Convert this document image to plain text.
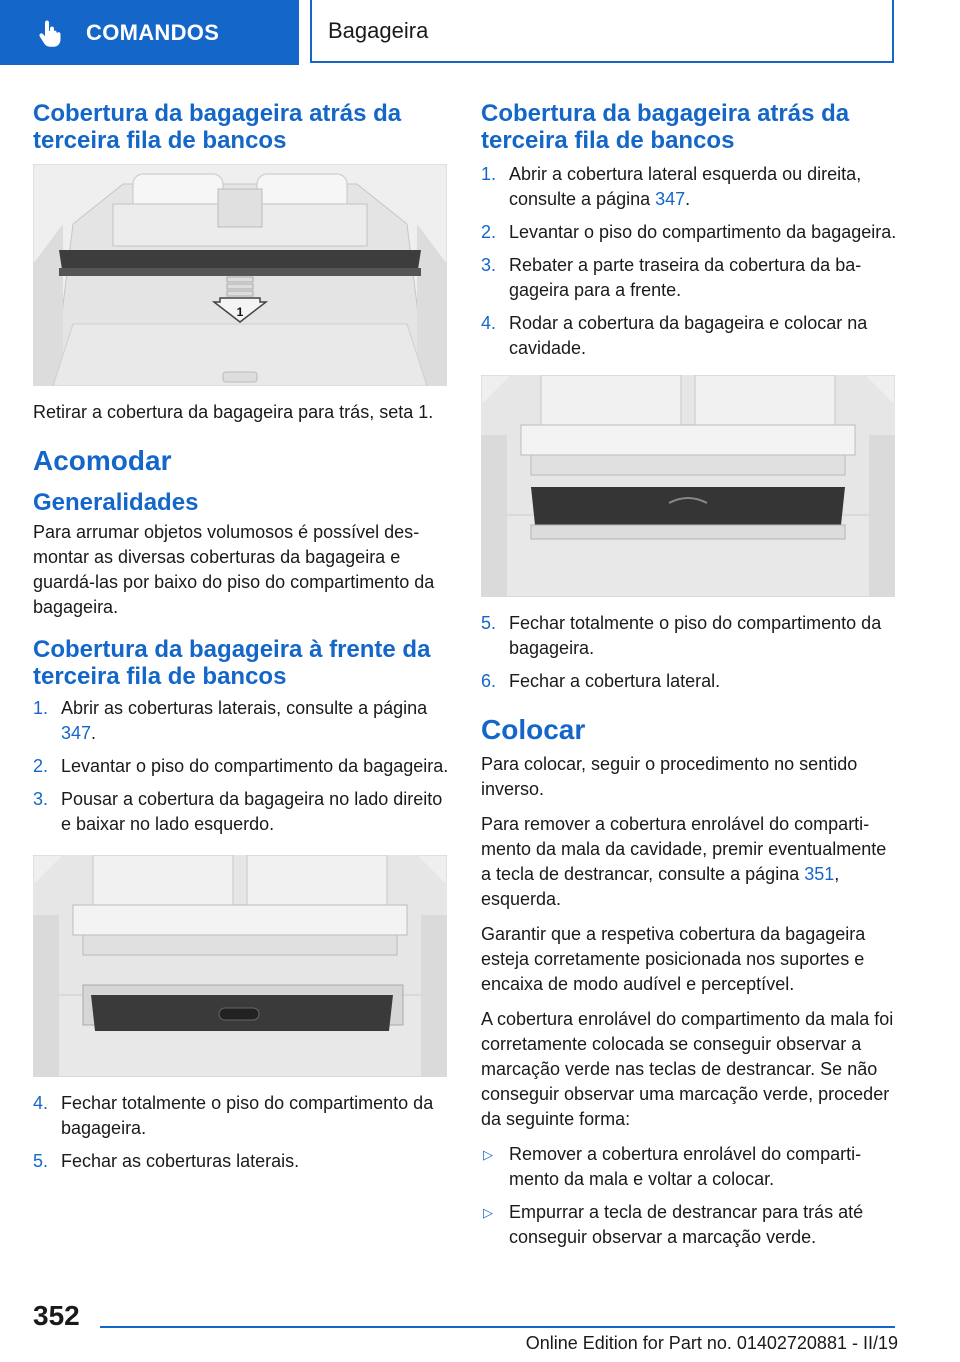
COMANDOS	Bagageira
Cobertura da bagageira atrás da terceira fila de bancos
1

Retirar a cobertura da bagageira para trás, seta 1.

Acomodar
Generalidades

Para arrumar objetos volumosos é possível desmontar as diversas coberturas da bagageira e guardá-las por baixo do piso do compartimento da bagageira.

Cobertura da bagageira à frente da terceira fila de bancos
1. Abrir as coberturas laterais, consulte a página 347.
2. Levantar o piso do compartimento da bagageira.
3. Pousar a cobertura da bagageira no lado direito e baixar no lado esquerdo.
4. Fechar totalmente o piso do compartimento da bagageira.
5. Fechar as coberturas laterais.
Cobertura da bagageira atrás da terceira fila de bancos
1. Abrir a cobertura lateral esquerda ou direita, consulte a página 347.
2. Levantar o piso do compartimento da bagageira.
3. Rebater a parte traseira da cobertura da bagageira para a frente.
4. Rodar a cobertura da bagageira e colocar na cavidade.
5. Fechar totalmente o piso do compartimento da bagageira.
6. Fechar a cobertura lateral.
Colocar

Para colocar, seguir o procedimento no sentido inverso.

Para remover a cobertura enrolável do compartimento da mala da cavidade, premir eventualmente a tecla de destrancar, consulte a página 351, esquerda.

Garantir que a respetiva cobertura da bagageira esteja corretamente posicionada nos suportes e encaixa de modo audível e perceptível.

A cobertura enrolável do compartimento da mala foi corretamente colocada se conseguir observar a marcação verde nas teclas de destrancar. Se não conseguir observar uma marcação verde, proceder da seguinte forma:

▷ Remover a cobertura enrolável do compartimento da mala e voltar a colocar.
▷ Empurrar a tecla de destrancar para trás até conseguir observar a marcação verde.
352
Online Edition for Part no. 01402720881 - II/19
